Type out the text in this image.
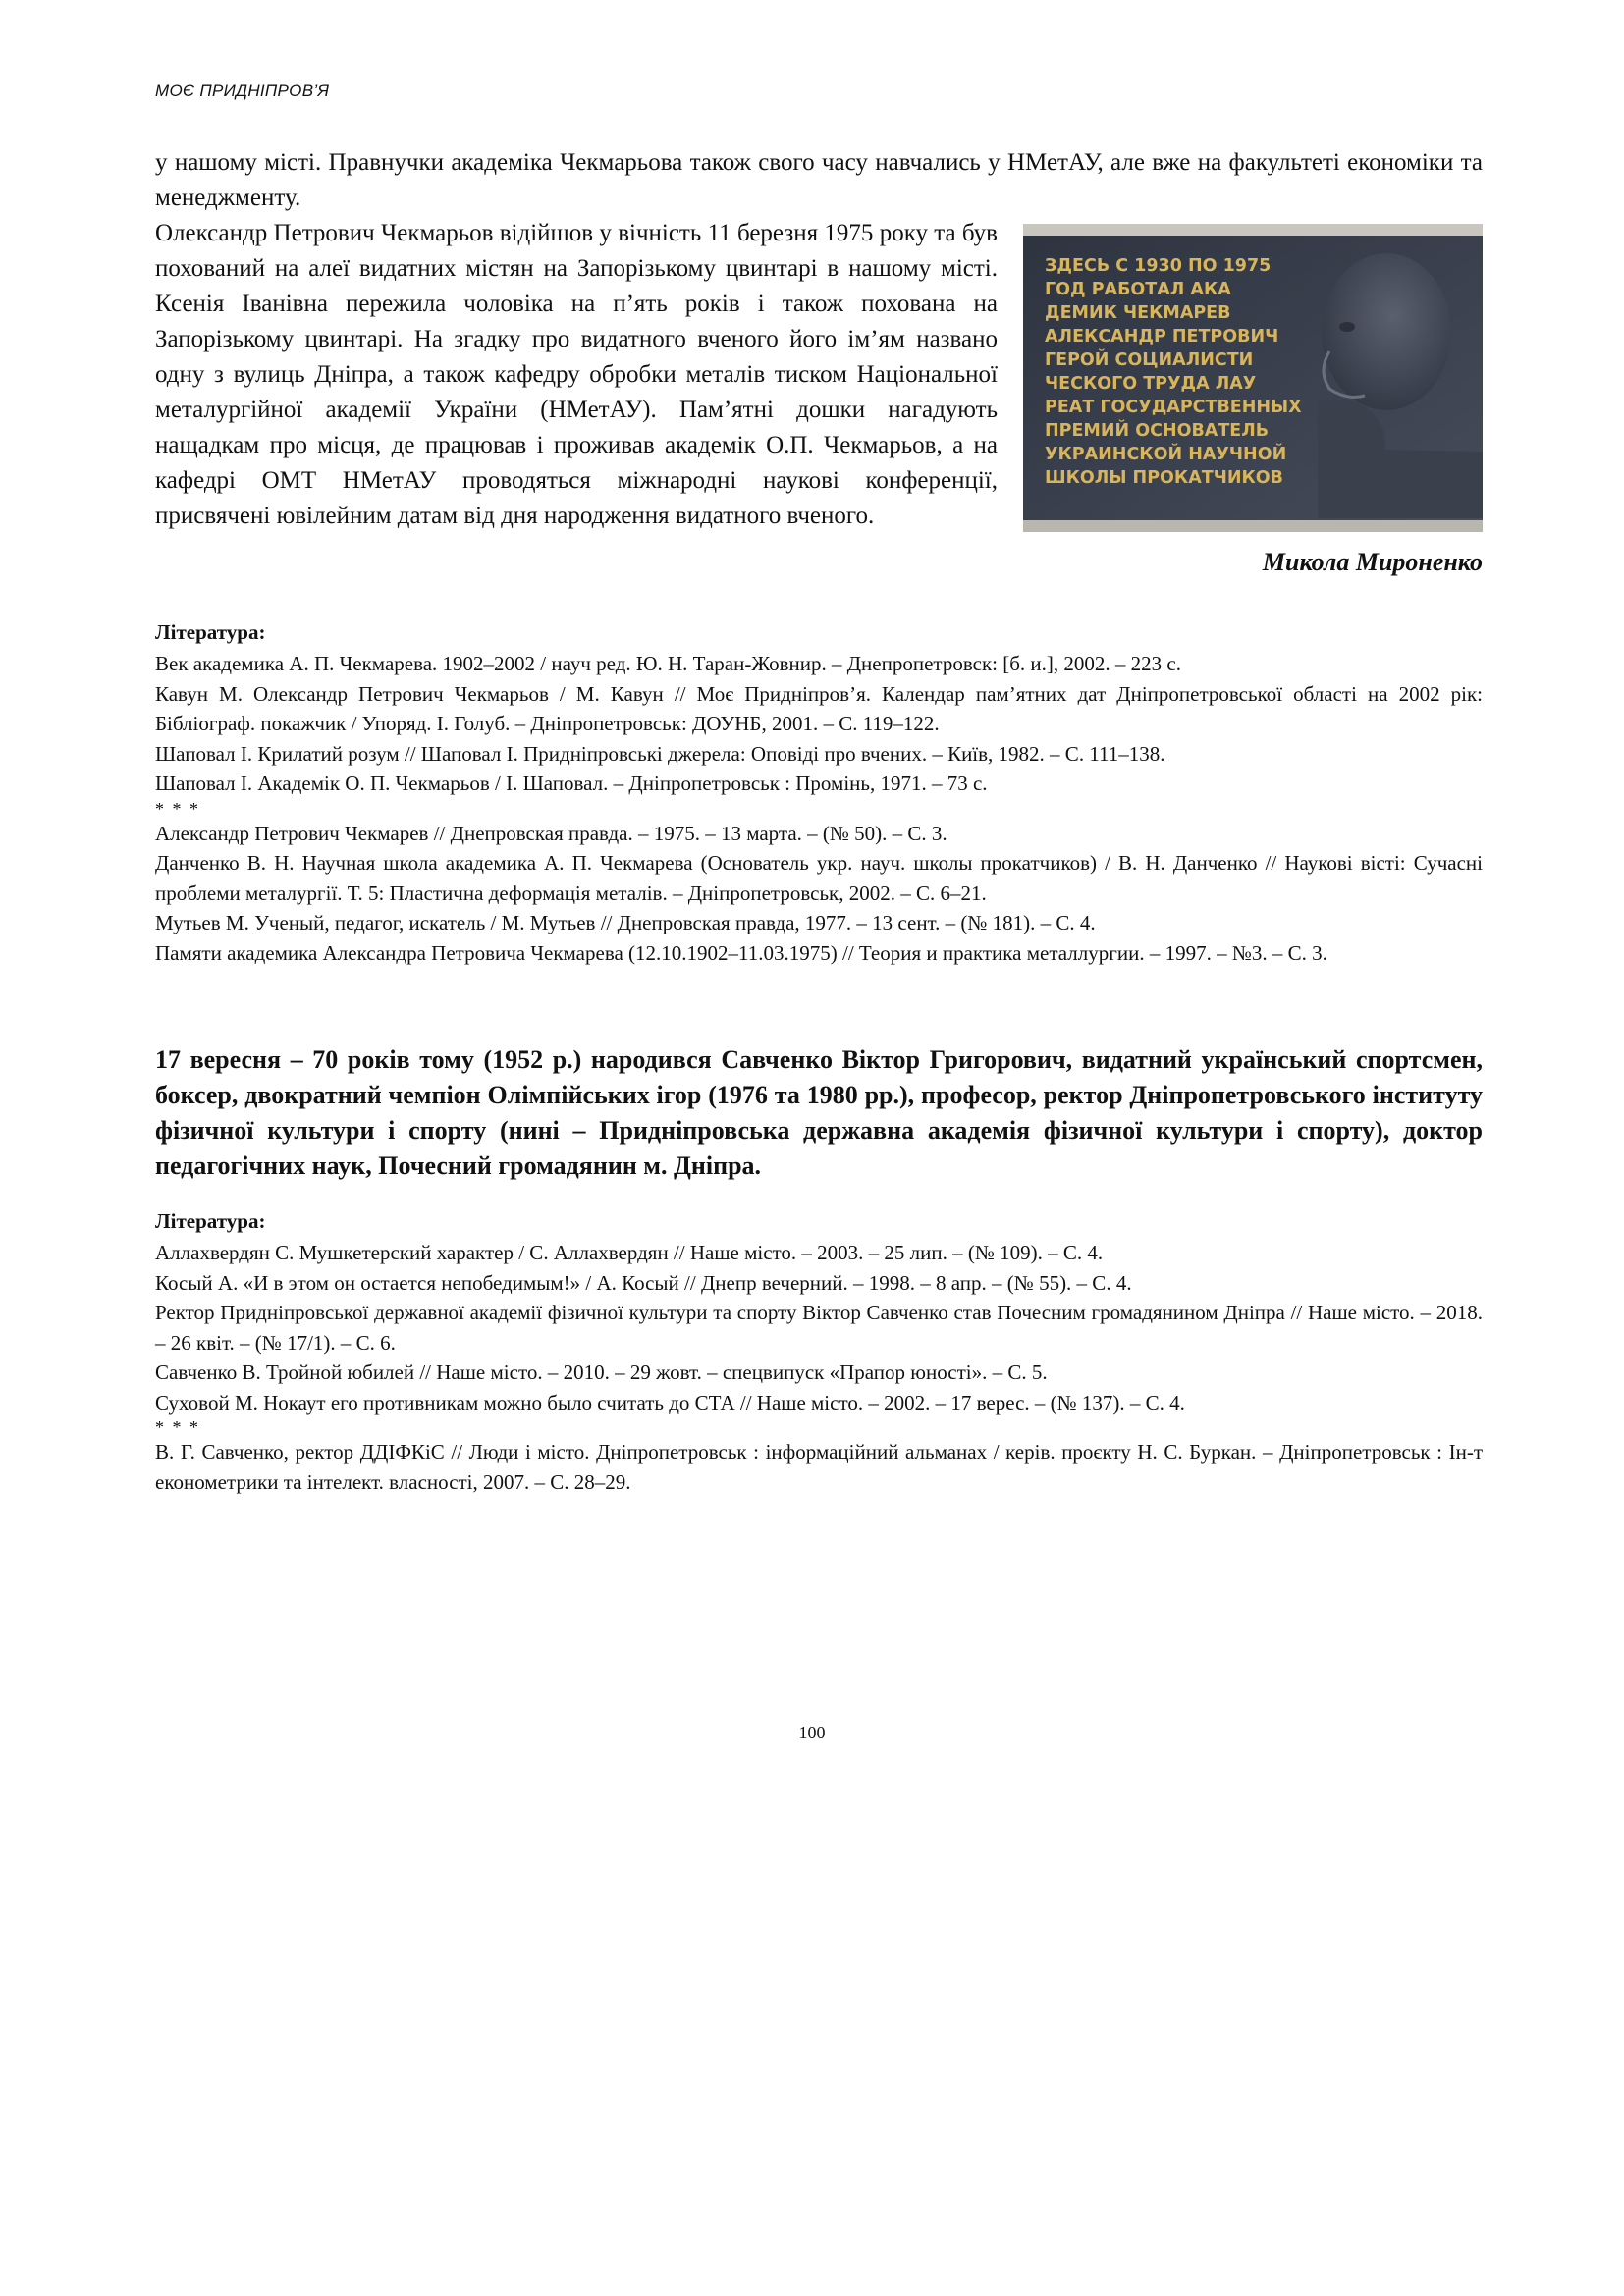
МОЄ ПРИДНІПРОВ’Я

у нашому місті. Правнучки академіка Чекмарьова також свого часу навчались у НМетАУ, але вже на факультеті економіки та менеджменту.

ЗДЕСЬ С 1930 ПО 1975
ГОД РАБОТАЛ АКА
ДЕМИК ЧЕКМАРЕВ
АЛЕКСАНДР ПЕТРОВИЧ
ГЕРОЙ СОЦИАЛИСТИ
ЧЕСКОГО ТРУДА ЛАУ
РЕАТ ГОСУДАРСТВЕННЫХ
ПРЕМИЙ ОСНОВАТЕЛЬ
УКРАИНСКОЙ НАУЧНОЙ
ШКОЛЫ ПРОКАТЧИКОВ

Олександр Петрович Чекмарьов відійшов у вічність 11 березня 1975 року та був похований на алеї видатних містян на Запорізькому цвинтарі в нашому місті. Ксенія Іванівна пережила чоловіка на п’ять років і також похована на Запорізькому цвинтарі. На згадку про видатного вченого його ім’ям названо одну з вулиць Дніпра, а також кафедру обробки металів тиском Національної металургійної академії України (НМетАУ). Пам’ятні дошки нагадують нащадкам про місця, де працював і проживав академік О.П. Чекмарьов, а на кафедрі ОМТ НМетАУ проводяться міжнародні наукові конференції, присвячені ювілейним датам від дня народження видатного вченого.

Микола Мироненко

Література:

Век академика А. П. Чекмарева. 1902–2002 / науч ред. Ю. Н. Таран-Жовнир. – Днепропетровск: [б. и.], 2002. – 223 с.

Кавун М. Олександр Петрович Чекмарьов / М. Кавун // Моє Придніпров’я. Календар пам’ятних дат Дніпропетровської області на 2002 рік: Бібліограф. покажчик / Упоряд. І. Голуб. – Дніпропетровськ: ДОУНБ, 2001. – С. 119–122.

Шаповал І. Крилатий розум // Шаповал І. Придніпровські джерела: Оповіді про вчених. – Київ, 1982. – С. 111–138.

Шаповал І. Академік О. П. Чекмарьов / І. Шаповал. – Дніпропетровськ : Промінь, 1971. – 73 с.

* * *

Александр Петрович Чекмарев // Днепровская правда. – 1975. – 13 марта. – (№ 50). – С. 3.

Данченко В. Н. Научная школа академика А. П. Чекмарева (Основатель укр. науч. школы прокатчиков) / В. Н. Данченко // Наукові вісті: Сучасні проблеми металургії. Т. 5: Пластична деформація металів. – Дніпропетровськ, 2002. – С. 6–21.

Мутьев М. Ученый, педагог, искатель / М. Мутьев // Днепровская правда, 1977. – 13 сент. – (№ 181). – С. 4.

Памяти академика Александра Петровича Чекмарева (12.10.1902–11.03.1975) // Теория и практика металлургии. – 1997. – №3. – С. 3.

17 вересня – 70 років тому (1952 р.) народився Савченко Віктор Григорович, видатний український спортсмен, боксер, двократний чемпіон Олімпійських ігор (1976 та 1980 рр.), професор, ректор Дніпропетровського інституту фізичної культури і спорту (нині – Придніпровська державна академія фізичної культури і спорту), доктор педагогічних наук, Почесний громадянин м. Дніпра.

Література:

Аллахвердян С. Мушкетерский характер / С. Аллахвердян // Наше місто. – 2003. – 25 лип. – (№ 109). – С. 4.

Косый А. «И в этом он остается непобедимым!» / А. Косый // Днепр вечерний. – 1998. – 8 апр. – (№ 55). – С. 4.

Ректор Придніпровської державної академії фізичної культури та спорту Віктор Савченко став Почесним громадянином Дніпра // Наше місто. – 2018. – 26 квіт. – (№ 17/1). – С. 6.

Савченко В. Тройной юбилей // Наше місто. – 2010. – 29 жовт. – спецвипуск «Прапор юності». – С. 5.

Суховой М. Нокаут его противникам можно было считать до СТА // Наше місто. – 2002. – 17 верес. – (№ 137). – С. 4.

* * *

В. Г. Савченко, ректор ДДІФКіС // Люди і місто. Дніпропетровськ : інформаційний альманах / керів. проєкту Н. С. Буркан. – Дніпропетровськ : Ін-т економетрики та інтелект. власності, 2007. – С. 28–29.

100
